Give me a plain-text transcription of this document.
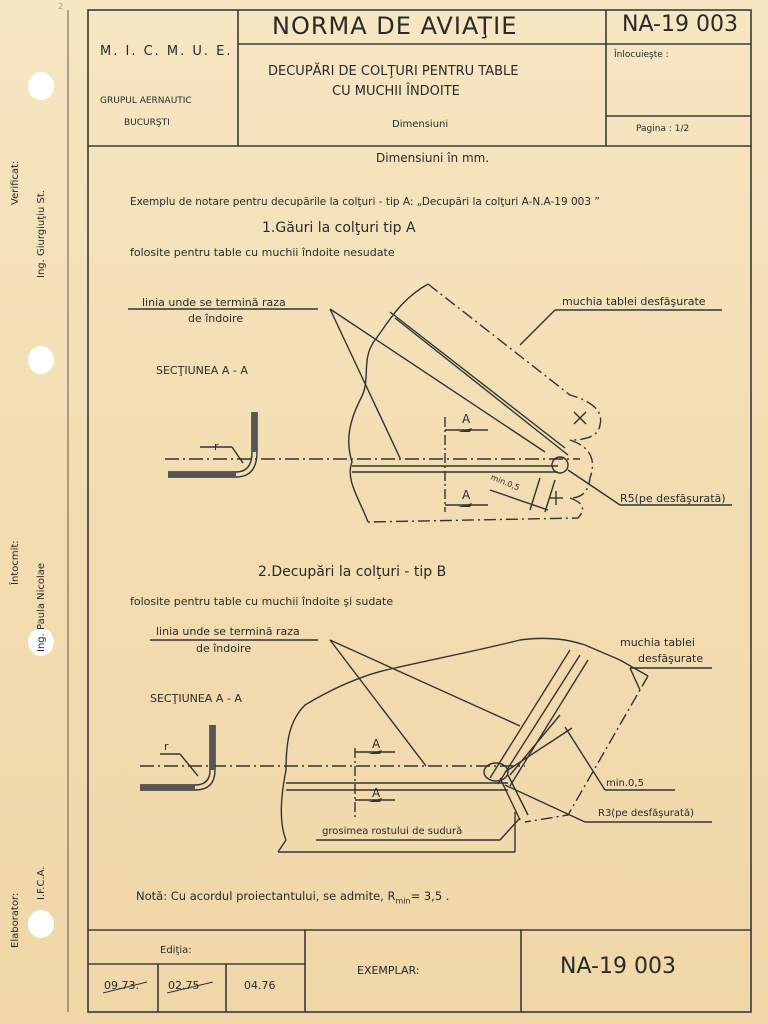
M. I. C. M. U. E.
GRUPUL AERNAUTIC
BUCURŞTI
NORMA DE AVIAŢIE
DECUPĂRI DE COLŢURI PENTRU TABLE
CU MUCHII ÎNDOITE
Dimensiuni
NA-19 003
Înlocuieşte :
Pagina : 1/2
2
Verificat:
Ing. Giurgiuţiu St.
Întocmit:
Ing. Paula Nicolae
Elaborator:
I.F.C.A.
Dimensiuni în mm.
Exemplu de notare pentru decupările la colţuri - tip A: „Decupări la colţuri A-N.A-19 003 ”
1.Găuri la colţuri tip A
folosite pentru table cu muchii îndoite nesudate
linia unde se termină raza
de îndoire
muchia tablei desfăşurate
SECŢIUNEA A - A
r
A
A
min.0,5
R5(pe desfăşurată)
2.Decupări la colţuri - tip B
folosite pentru table cu muchii îndoite şi sudate
linia unde se termină raza
de îndoire	muchia tablei
desfăşurate
SECŢIUNEA A - A
r	A
A
min.0,5
R3(pe desfăşurată)
grosimea rostului de sudură
Notă: Cu acordul proiectantului, se admite, $R_{min}= 3,5$ .
Ediţia:
09.73.	02.75	04.76
EXEMPLAR:	NA-19 003
